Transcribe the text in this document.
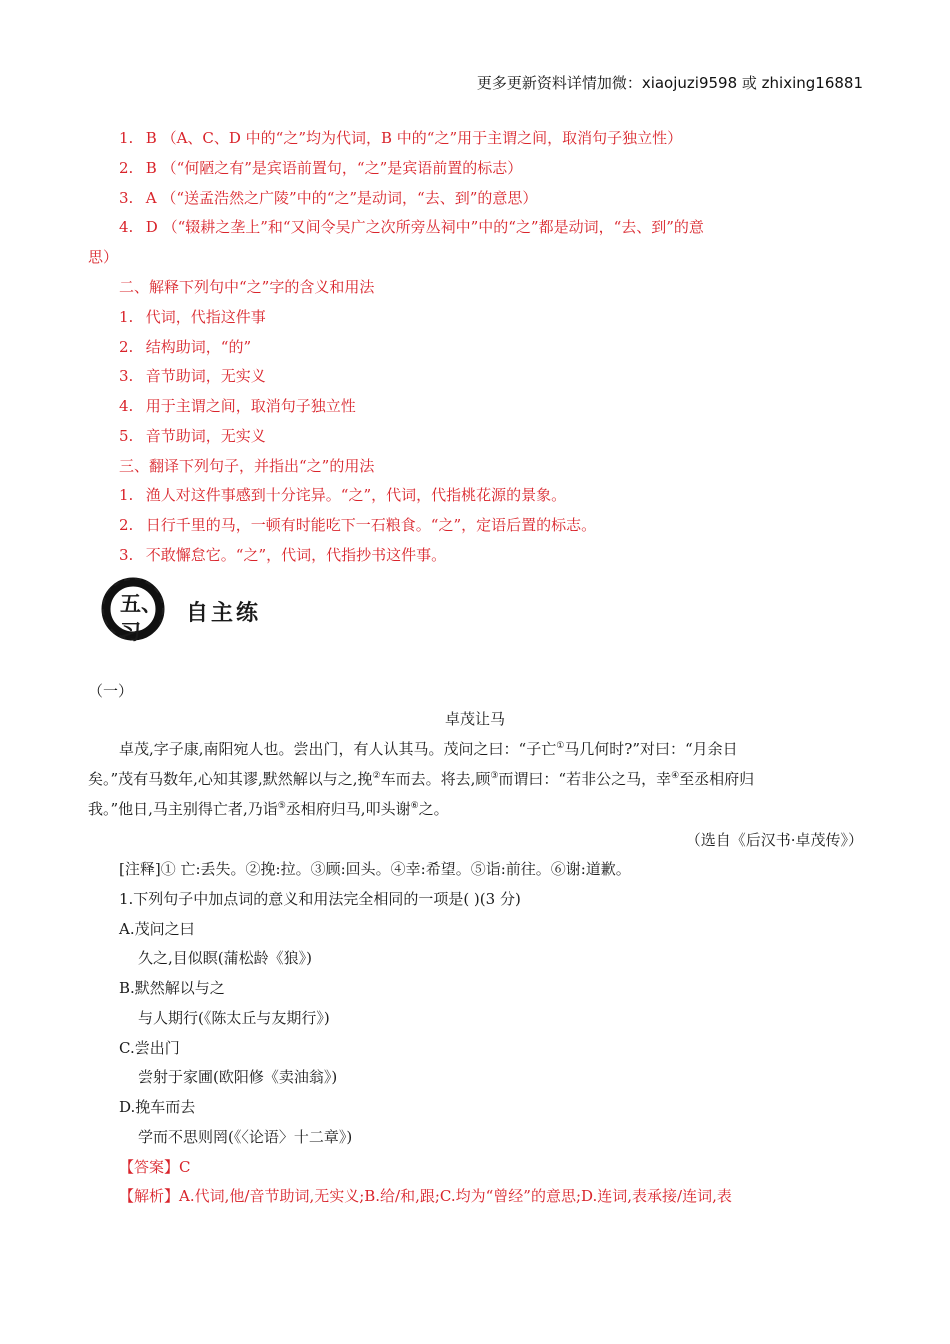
更多更新资料详情加微：xiaojuzi9598 或 zhixing16881
1. B （A、C、D 中的“之”均为代词，B 中的“之”用于主谓之间，取消句子独立性）
2. B （“何陋之有”是宾语前置句，“之”是宾语前置的标志）
3. A （“送孟浩然之广陵”中的“之”是动词，“去、到”的意思）
4. D （“辍耕之垄上”和“又间令吴广之次所旁丛祠中”中的“之”都是动词，“去、到”的意
思）
二、解释下列句中“之”字的含义和用法
1. 代词，代指这件事
2. 结构助词，“的”
3. 音节助词，无实义
4. 用于主谓之间，取消句子独立性
5. 音节助词，无实义
三、翻译下列句子，并指出“之”的用法
1. 渔人对这件事感到十分诧异。“之”，代词，代指桃花源的景象。
2. 日行千里的马，一顿有时能吃下一石粮食。“之”，定语后置的标志。
3. 不敢懈怠它。“之”，代词，代指抄书这件事。
五、
习
自主练
（一）
卓茂让马
卓茂,字子康,南阳宛人也。尝出门，有人认其马。茂问之曰：“子亡①马几何时?”对曰：“月余日
矣。”茂有马数年,心知其谬,默然解以与之,挽②车而去。将去,顾③而谓曰：“若非公之马，幸④至丞相府归
我。”他日,马主别得亡者,乃诣⑤丞相府归马,叩头谢⑥之。
（选自《后汉书·卓茂传》）
[注释]① 亡:丢失。②挽:拉。③顾:回头。④幸:希望。⑤诣:前往。⑥谢:道歉。
1.下列句子中加点词的意义和用法完全相同的一项是( )(3 分)
A.茂问之曰
久之,目似瞑(蒲松龄《狼》)
B.默然解以与之
与人期行(《陈太丘与友期行》)
C.尝出门
尝射于家圃(欧阳修《卖油翁》)
D.挽车而去
学而不思则罔(《〈论语〉十二章》)
【答案】C
【解析】A.代词,他/音节助词,无实义;B.给/和,跟;C.均为“曾经”的意思;D.连词,表承接/连词,表
